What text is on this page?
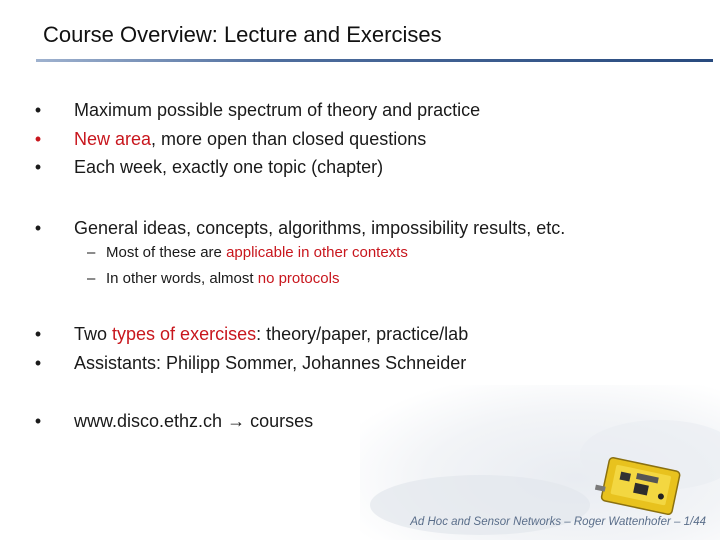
Course Overview: Lecture and Exercises
• Maximum possible spectrum of theory and practice
• New area, more open than closed questions
• Each week, exactly one topic (chapter)
• General ideas, concepts, algorithms, impossibility results, etc.
– Most of these are applicable in other contexts
– In other words, almost no protocols
• Two types of exercises: theory/paper, practice/lab
• Assistants: Philipp Sommer, Johannes Schneider
• www.disco.ethz.ch → courses
Ad Hoc and Sensor Networks – Roger Wattenhofer – 1/44
